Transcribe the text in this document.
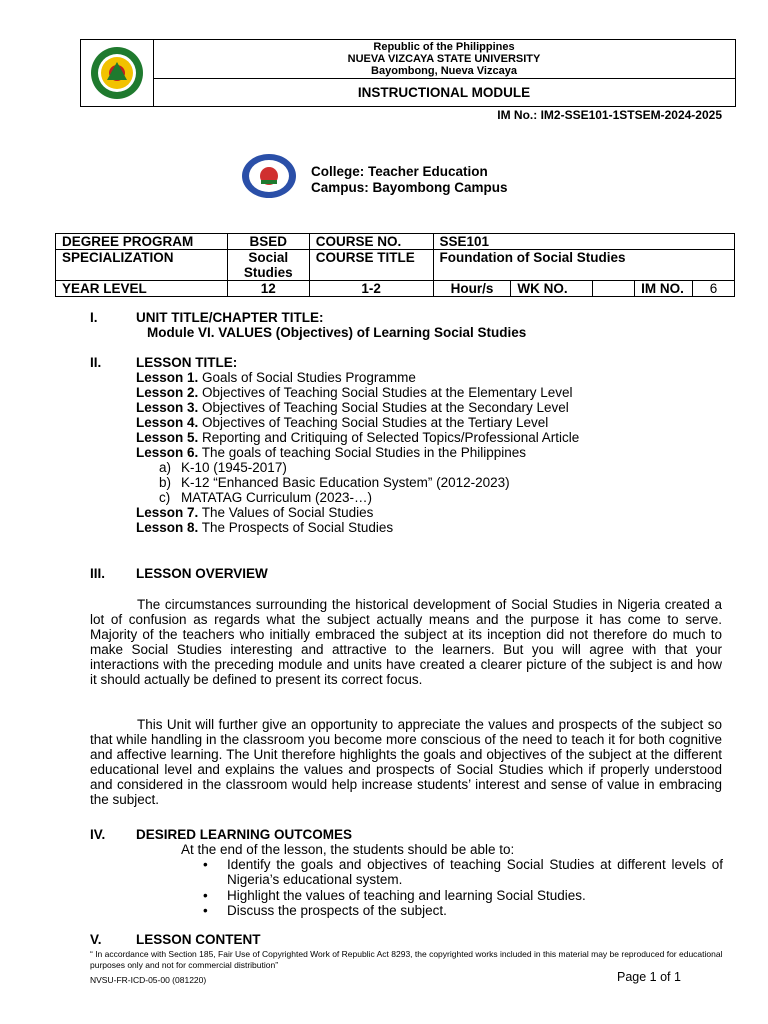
Republic of the Philippines
NUEVA VIZCAYA STATE UNIVERSITY
Bayombong, Nueva Vizcaya
INSTRUCTIONAL MODULE
IM No.: IM2-SSE101-1STSEM-2024-2025
College: Teacher Education
Campus: Bayombong Campus
DEGREE PROGRAM	BSED	COURSE NO.	SSE101				
SPECIALIZATION	Social Studies	COURSE TITLE	Foundation of Social Studies				
YEAR LEVEL	12	1-2	Hour/s	WK NO.		IM NO.	6
I.	UNIT TITLE/CHAPTER TITLE:
Module VI. VALUES (Objectives) of Learning Social Studies
II.	LESSON TITLE:
Lesson 1. Goals of Social Studies Programme
Lesson 2. Objectives of Teaching Social Studies at the Elementary Level
Lesson 3. Objectives of Teaching Social Studies at the Secondary Level
Lesson 4. Objectives of Teaching Social Studies at the Tertiary Level
Lesson 5. Reporting and Critiquing of Selected Topics/Professional Article
Lesson 6. The goals of teaching Social Studies in the Philippines
a) K-10 (1945-2017)
b) K-12 “Enhanced Basic Education System” (2012-2023)
c) MATATAG Curriculum (2023-…)
Lesson 7. The Values of Social Studies
Lesson 8. The Prospects of Social Studies
III. LESSON OVERVIEW

The circumstances surrounding the historical development of Social Studies in Nigeria created a lot of confusion as regards what the subject actually means and the purpose it has come to serve. Majority of the teachers who initially embraced the subject at its inception did not therefore do much to make Social Studies interesting and attractive to the learners. But you will agree with that your interactions with the preceding module and units have created a clearer picture of the subject is and how it should actually be defined to present its correct focus.

This Unit will further give an opportunity to appreciate the values and prospects of the subject so that while handling in the classroom you become more conscious of the need to teach it for both cognitive and affective learning. The Unit therefore highlights the goals and objectives of the subject at the different educational level and explains the values and prospects of Social Studies which if properly understood and considered in the classroom would help increase students’ interest and sense of value in embracing the subject.

IV. DESIRED LEARNING OUTCOMES
At the end of the lesson, the students should be able to:
• Identify the goals and objectives of teaching Social Studies at different levels of Nigeria’s educational system.
• Highlight the values of teaching and learning Social Studies.
• Discuss the prospects of the subject.
V.	LESSON CONTENT
“ In accordance with Section 185, Fair Use of Copyrighted Work of Republic Act 8293, the copyrighted works included in this material may be reproduced for educational purposes only and not for commercial distribution”
NVSU-FR-ICD-05-00 (081220)	Page 1 of 1
